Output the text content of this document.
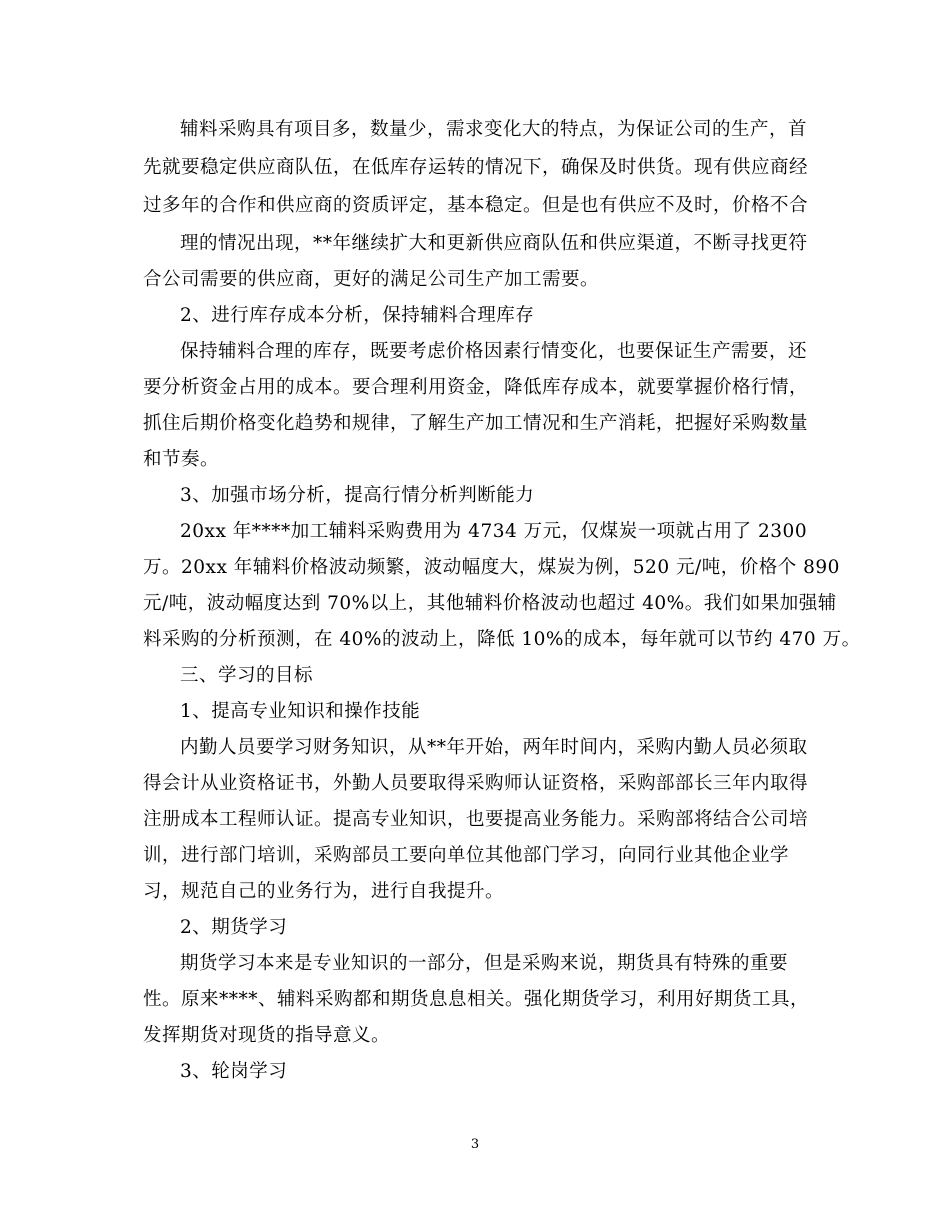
辅料采购具有项目多，数量少，需求变化大的特点，为保证公司的生产，首
先就要稳定供应商队伍，在低库存运转的情况下，确保及时供货。现有供应商经
过多年的合作和供应商的资质评定，基本稳定。但是也有供应不及时，价格不合
理的情况出现，**年继续扩大和更新供应商队伍和供应渠道，不断寻找更符
合公司需要的供应商，更好的满足公司生产加工需要。
2、进行库存成本分析，保持辅料合理库存
保持辅料合理的库存，既要考虑价格因素行情变化，也要保证生产需要，还
要分析资金占用的成本。要合理利用资金，降低库存成本，就要掌握价格行情，
抓住后期价格变化趋势和规律，了解生产加工情况和生产消耗，把握好采购数量
和节奏。
3、加强市场分析，提高行情分析判断能力
20xx 年****加工辅料采购费用为 4734 万元，仅煤炭一项就占用了 2300
万。20xx 年辅料价格波动频繁，波动幅度大，煤炭为例，520 元/吨，价格个 890
元/吨，波动幅度达到 70%以上，其他辅料价格波动也超过 40%。我们如果加强辅
料采购的分析预测，在 40%的波动上，降低 10%的成本，每年就可以节约 470 万。
三、学习的目标
1、提高专业知识和操作技能
内勤人员要学习财务知识，从**年开始，两年时间内，采购内勤人员必须取
得会计从业资格证书，外勤人员要取得采购师认证资格，采购部部长三年内取得
注册成本工程师认证。提高专业知识，也要提高业务能力。采购部将结合公司培
训，进行部门培训，采购部员工要向单位其他部门学习，向同行业其他企业学
习，规范自己的业务行为，进行自我提升。
2、期货学习
期货学习本来是专业知识的一部分，但是采购来说，期货具有特殊的重要
性。原来****、辅料采购都和期货息息相关。强化期货学习，利用好期货工具，
发挥期货对现货的指导意义。
3、轮岗学习
3
